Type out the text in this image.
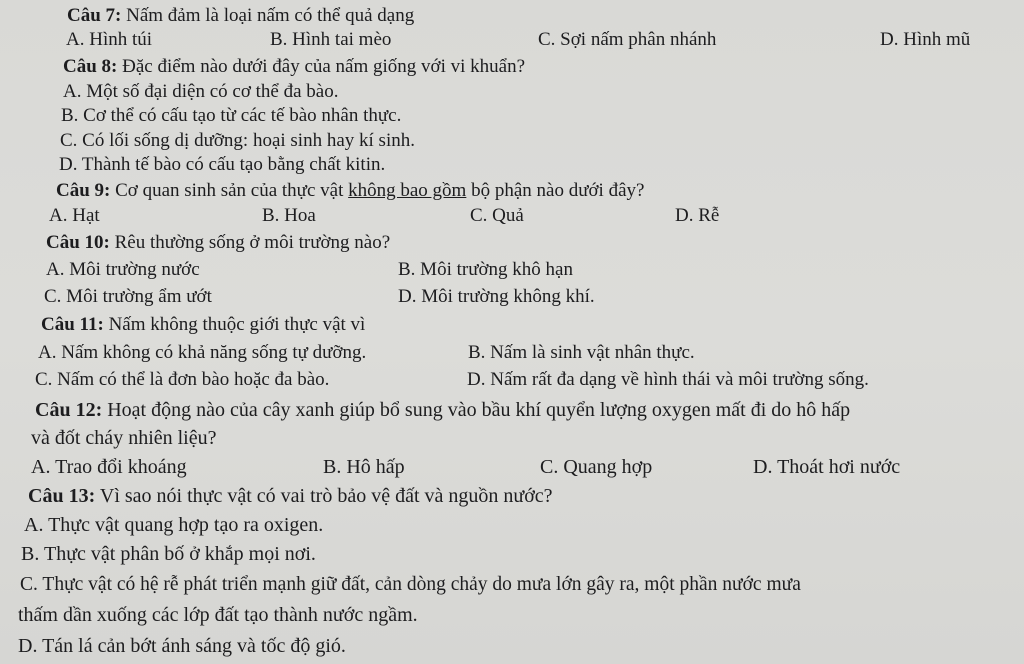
Câu 7: Nấm đảm là loại nấm có thể quả dạng
A. Hình túi	B. Hình tai mèo	C. Sợi nấm phân nhánh	D. Hình mũ
Câu 8: Đặc điểm nào dưới đây của nấm giống với vi khuẩn?
A. Một số đại diện có cơ thể đa bào.
B. Cơ thể có cấu tạo từ các tế bào nhân thực.
C. Có lối sống dị dưỡng: hoại sinh hay kí sinh.
D. Thành tế bào có cấu tạo bằng chất kitin.
Câu 9: Cơ quan sinh sản của thực vật không bao gồm bộ phận nào dưới đây?
A. Hạt	B. Hoa	C. Quả	D. Rễ
Câu 10: Rêu thường sống ở môi trường nào?
A. Môi trường nước	B. Môi trường khô hạn
C. Môi trường ẩm ướt	D. Môi trường không khí.
Câu 11: Nấm không thuộc giới thực vật vì
A. Nấm không có khả năng sống tự dưỡng.	B. Nấm là sinh vật nhân thực.
C. Nấm có thể là đơn bào hoặc đa bào.	D. Nấm rất đa dạng về hình thái và môi trường sống.
Câu 12: Hoạt động nào của cây xanh giúp bổ sung vào bầu khí quyển lượng oxygen mất đi do hô hấp
và đốt cháy nhiên liệu?
A. Trao đổi khoáng	B. Hô hấp	C. Quang hợp	D. Thoát hơi nước
Câu 13: Vì sao nói thực vật có vai trò bảo vệ đất và nguồn nước?
A. Thực vật quang hợp tạo ra oxigen.
B. Thực vật phân bố ở khắp mọi nơi.
C. Thực vật có hệ rễ phát triển mạnh giữ đất, cản dòng chảy do mưa lớn gây ra, một phần nước mưa
thấm dần xuống các lớp đất tạo thành nước ngầm.
D. Tán lá cản bớt ánh sáng và tốc độ gió.
